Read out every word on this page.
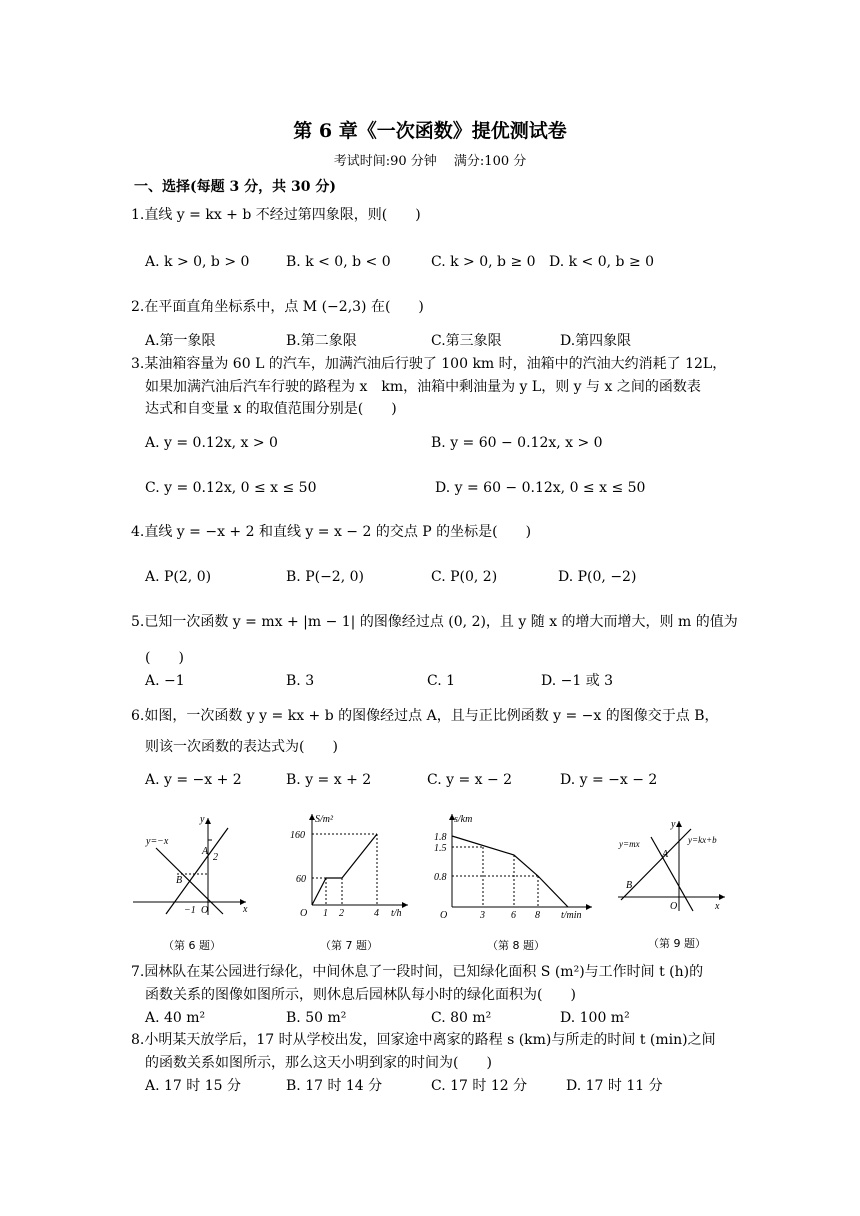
第 6 章《一次函数》提优测试卷
考试时间:90 分钟　 满分:100 分
一、选择(每题 3 分，共 30 分)
1.直线 y = kx + b 不经过第四象限，则(　　)
A. k > 0, b > 0	B. k < 0, b < 0	C. k > 0, b ≥ 0 D. k < 0, b ≥ 0
2.在平面直角坐标系中，点 M (−2,3) 在(　　)
A.第一象限	B.第二象限	C.第三象限	D.第四象限
3.某油箱容量为 60 L 的汽车，加满汽油后行驶了 100 km 时，油箱中的汽油大约消耗了 12L，
如果加满汽油后汽车行驶的路程为 x　km，油箱中剩油量为 y L，则 y 与 x 之间的函数表
达式和自变量 x 的取值范围分别是(　　)
A. y = 0.12x, x > 0	B. y = 60 − 0.12x, x > 0
C. y = 0.12x, 0 ≤ x ≤ 50	D. y = 60 − 0.12x, 0 ≤ x ≤ 50
4.直线 y = −x + 2 和直线 y = x − 2 的交点 P 的坐标是(　　)
A. P(2, 0)	B. P(−2, 0)	C. P(0, 2)	D. P(0, −2)
5.已知一次函数 y = mx + |m − 1| 的图像经过点 (0, 2)，且 y 随 x 的增大而增大，则 m 的值为
(　　)
A. −1	B. 3	C. 1	D. −1 或 3
6.如图，一次函数 y y = kx + b 的图像经过点 A，且与正比例函数 y = −x 的图像交于点 B，
则该一次函数的表达式为(　　)
A. y = −x + 2	B. y = x + 2	C. y = x − 2	D. y = −x − 2
y=−x
y
x
A
B
O
2
−1
（第 6 题）
S/m²
t/h
O
160
60
1 2	4
（第 7 题）
s/km
t/min
O
1.8
1.5
0.8
3	6 8
（第 8 题）
y=mx	y=kx+b
y
x
A
B
O
（第 9 题）
7.园林队在某公园进行绿化，中间休息了一段时间，已知绿化面积 S (m²)与工作时间 t (h)的
函数关系的图像如图所示，则休息后园林队每小时的绿化面积为(　　)
A. 40 m²	B. 50 m²	C. 80 m²	D. 100 m²
8.小明某天放学后，17 时从学校出发，回家途中离家的路程 s (km)与所走的时间 t (min)之间
的函数关系如图所示，那么这天小明到家的时间为(　　)
A. 17 时 15 分	B. 17 时 14 分	C. 17 时 12 分	D. 17 时 11 分
